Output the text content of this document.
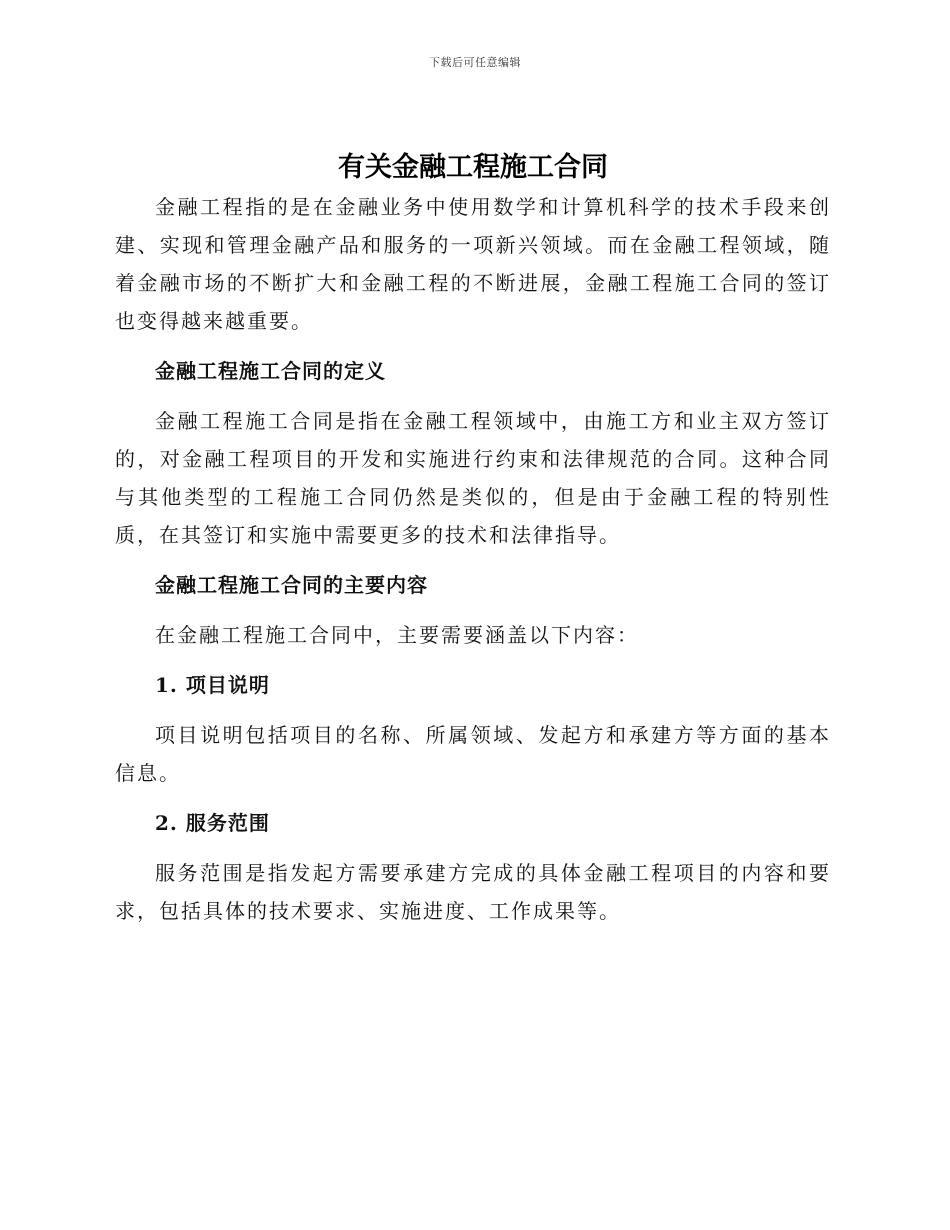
下载后可任意编辑
有关金融工程施工合同

金融工程指的是在金融业务中使用数学和计算机科学的技术手段来创建、实现和管理金融产品和服务的一项新兴领域。而在金融工程领域，随着金融市场的不断扩大和金融工程的不断进展，金融工程施工合同的签订也变得越来越重要。

金融工程施工合同的定义

金融工程施工合同是指在金融工程领域中，由施工方和业主双方签订的，对金融工程项目的开发和实施进行约束和法律规范的合同。这种合同与其他类型的工程施工合同仍然是类似的，但是由于金融工程的特别性质，在其签订和实施中需要更多的技术和法律指导。

金融工程施工合同的主要内容

在金融工程施工合同中，主要需要涵盖以下内容：

1. 项目说明

项目说明包括项目的名称、所属领域、发起方和承建方等方面的基本信息。

2. 服务范围

服务范围是指发起方需要承建方完成的具体金融工程项目的内容和要求，包括具体的技术要求、实施进度、工作成果等。
